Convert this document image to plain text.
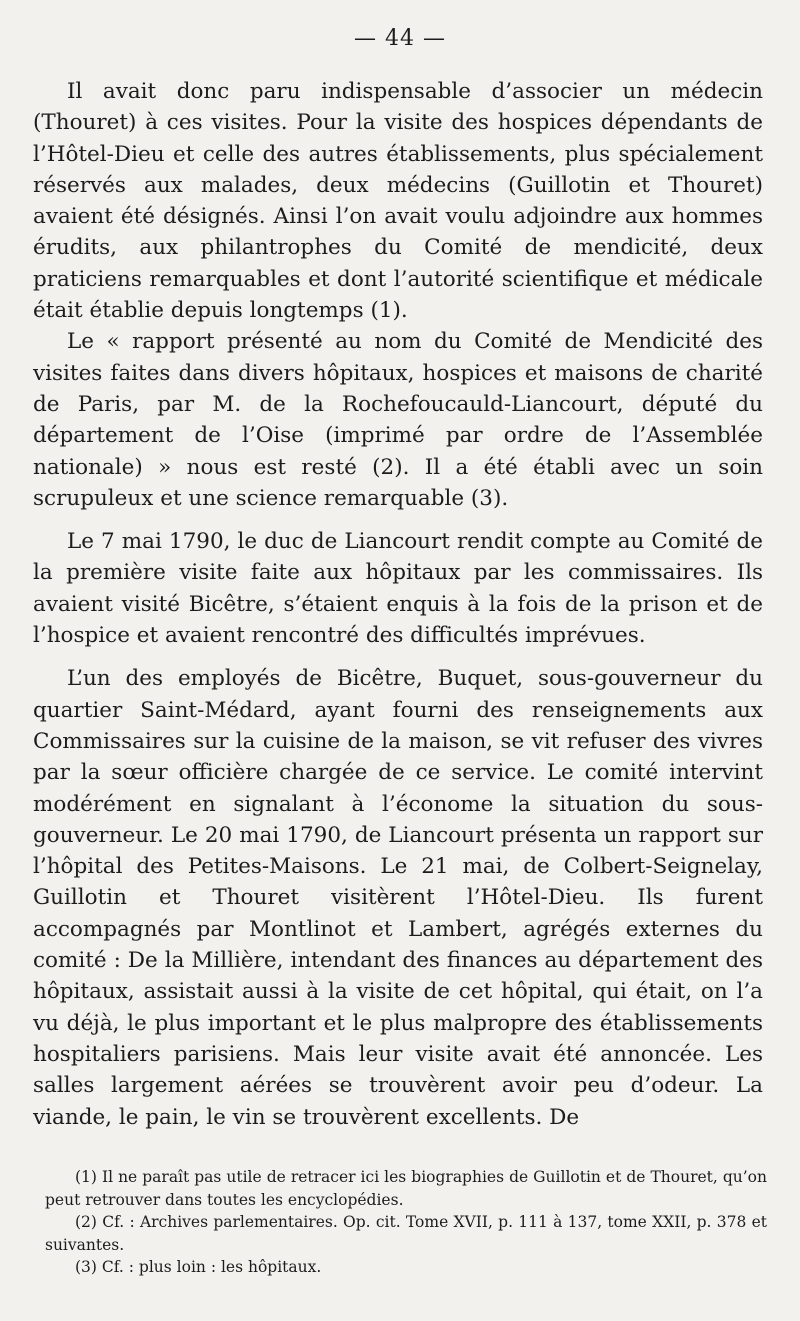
— 44 —

Il avait donc paru indispensable d’associer un médecin (Thouret) à ces visites. Pour la visite des hospices dépendants de l’Hôtel-Dieu et celle des autres établissements, plus spécialement réservés aux malades, deux médecins (Guillotin et Thouret) avaient été désignés. Ainsi l’on avait voulu adjoindre aux hommes érudits, aux philantrophes du Comité de mendicité, deux praticiens remarquables et dont l’autorité scientifique et médicale était établie depuis longtemps (1).

Le « rapport présenté au nom du Comité de Mendicité des visites faites dans divers hôpitaux, hospices et maisons de charité de Paris, par M. de la Rochefoucauld-Liancourt, député du département de l’Oise (imprimé par ordre de l’Assemblée nationale) » nous est resté (2). Il a été établi avec un soin scrupuleux et une science remarquable (3).

Le 7 mai 1790, le duc de Liancourt rendit compte au Comité de la première visite faite aux hôpitaux par les commissaires. Ils avaient visité Bicêtre, s’étaient enquis à la fois de la prison et de l’hospice et avaient rencontré des difficultés imprévues.

L’un des employés de Bicêtre, Buquet, sous-gouverneur du quartier Saint-Médard, ayant fourni des renseignements aux Commissaires sur la cuisine de la maison, se vit refuser des vivres par la sœur officière chargée de ce service. Le comité intervint modérément en signalant à l’économe la situation du sous-gouverneur. Le 20 mai 1790, de Liancourt présenta un rapport sur l’hôpital des Petites-Maisons. Le 21 mai, de Colbert-Seignelay, Guillotin et Thouret visitèrent l’Hôtel-Dieu. Ils furent accompagnés par Montlinot et Lambert, agrégés externes du comité : De la Millière, intendant des finances au département des hôpitaux, assistait aussi à la visite de cet hôpital, qui était, on l’a vu déjà, le plus important et le plus malpropre des établissements hospitaliers parisiens. Mais leur visite avait été annoncée. Les salles largement aérées se trouvèrent avoir peu d’odeur. La viande, le pain, le vin se trouvèrent excellents. De

(1) Il ne paraît pas utile de retracer ici les biographies de Guillotin et de Thouret, qu’on peut retrouver dans toutes les encyclopédies.

(2) Cf. : Archives parlementaires. Op. cit. Tome XVII, p. 111 à 137, tome XXII, p. 378 et suivantes.

(3) Cf. : plus loin : les hôpitaux.
